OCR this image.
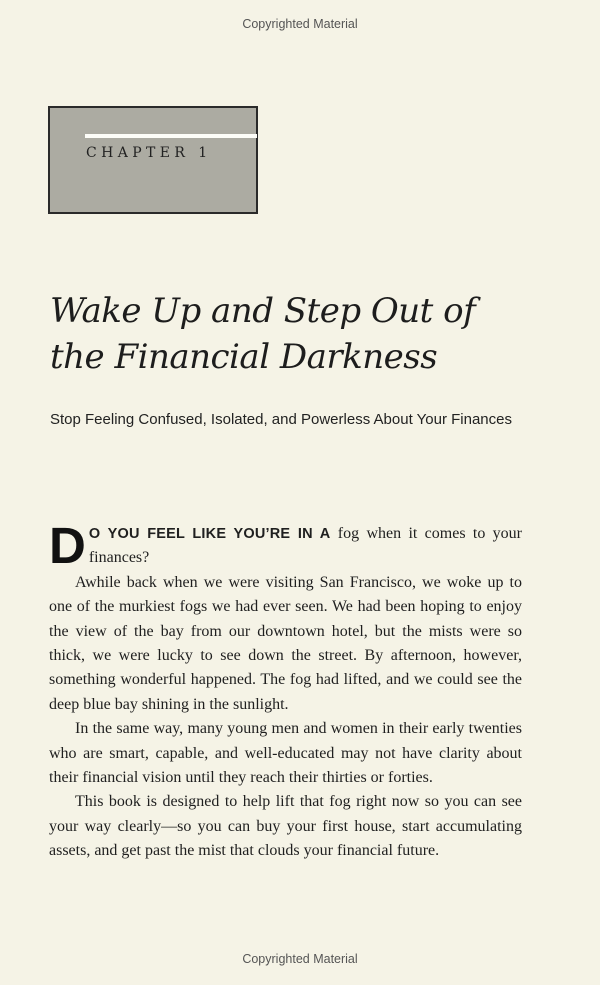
Copyrighted Material
CHAPTER 1
Wake Up and Step Out of
the Financial Darkness

Stop Feeling Confused, Isolated, and Powerless About Your Finances

D O YOU FEEL LIKE YOU’RE IN A fog when it comes to your finances?

Awhile back when we were visiting San Francisco, we woke up to one of the murkiest fogs we had ever seen. We had been hoping to enjoy the view of the bay from our downtown hotel, but the mists were so thick, we were lucky to see down the street. By afternoon, however, something wonderful happened. The fog had lifted, and we could see the deep blue bay shining in the sunlight.

In the same way, many young men and women in their early twenties who are smart, capable, and well-educated may not have clarity about their financial vision until they reach their thirties or forties.

This book is designed to help lift that fog right now so you can see your way clearly—so you can buy your first house, start accumulating assets, and get past the mist that clouds your financial future.

Copyrighted Material
